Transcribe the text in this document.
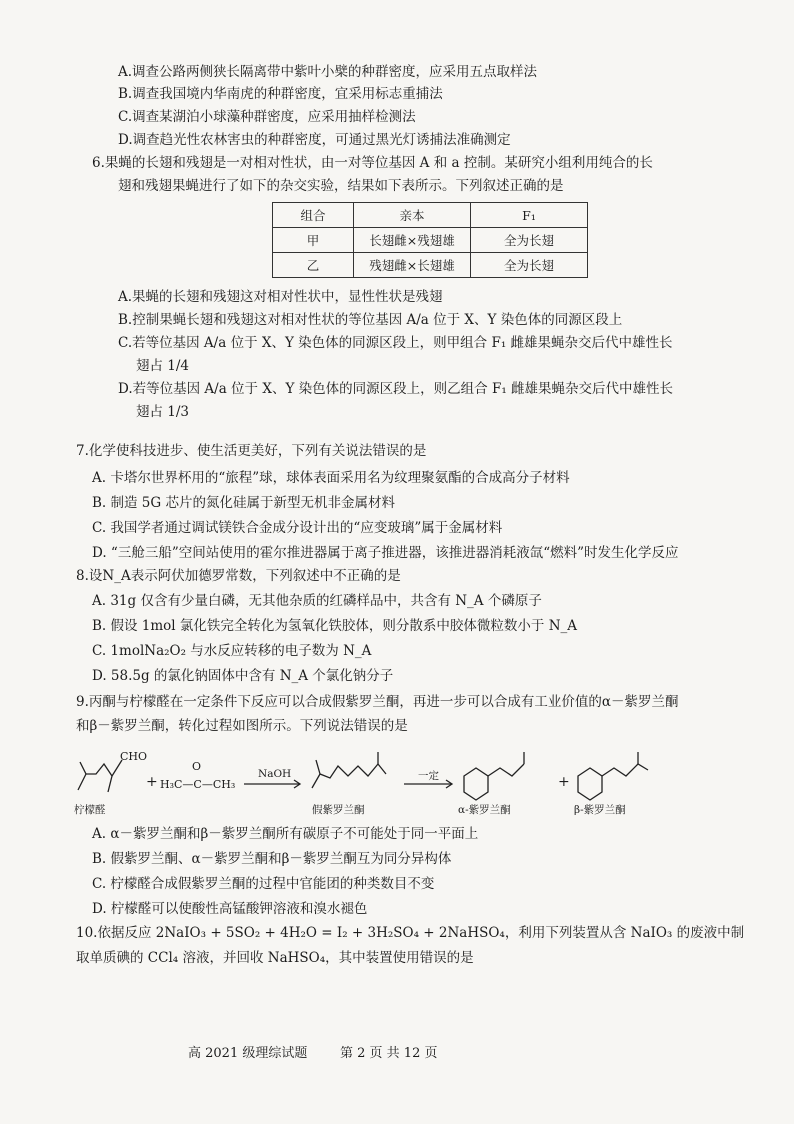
A.调查公路两侧狭长隔离带中紫叶小檗的种群密度，应采用五点取样法
B.调查我国境内华南虎的种群密度，宜采用标志重捕法
C.调查某湖泊小球藻种群密度，应采用抽样检测法
D.调查趋光性农林害虫的种群密度，可通过黑光灯诱捕法准确测定
6.果蝇的长翅和残翅是一对相对性状，由一对等位基因 A 和 a 控制。某研究小组利用纯合的长
翅和残翅果蝇进行了如下的杂交实验，结果如下表所示。下列叙述正确的是
组合	亲本	F₁
甲	长翅雌×残翅雄	全为长翅
乙	残翅雌×长翅雄	全为长翅
A.果蝇的长翅和残翅这对相对性状中，显性性状是残翅
B.控制果蝇长翅和残翅这对相对性状的等位基因 A/a 位于 X、Y 染色体的同源区段上
C.若等位基因 A/a 位于 X、Y 染色体的同源区段上，则甲组合 F₁ 雌雄果蝇杂交后代中雄性长
翅占 1/4
D.若等位基因 A/a 位于 X、Y 染色体的同源区段上，则乙组合 F₁ 雌雄果蝇杂交后代中雄性长
翅占 1/3
7.化学使科技进步、使生活更美好，下列有关说法错误的是
A. 卡塔尔世界杯用的“旅程”球，球体表面采用名为纹理聚氨酯的合成高分子材料
B. 制造 5G 芯片的氮化硅属于新型无机非金属材料
C. 我国学者通过调试镁铁合金成分设计出的“应变玻璃”属于金属材料
D. “三舱三船”空间站使用的霍尔推进器属于离子推进器，该推进器消耗液氙“燃料”时发生化学反应
8.设N_A表示阿伏加德罗常数，下列叙述中不正确的是
A. 31g 仅含有少量白磷，无其他杂质的红磷样品中，共含有 N_A 个磷原子
B. 假设 1mol 氯化铁完全转化为氢氧化铁胶体，则分散系中胶体微粒数小于 N_A
C. 1molNa₂O₂ 与水反应转移的电子数为 N_A
D. 58.5g 的氯化钠固体中含有 N_A 个氯化钠分子
9.丙酮与柠檬醛在一定条件下反应可以合成假紫罗兰酮，再进一步可以合成有工业价值的α－紫罗兰酮
和β－紫罗兰酮，转化过程如图所示。下列说法错误的是
CHO
+
O
H₃C—C—CH₃
NaOH	一定	+
柠檬醛	假紫罗兰酮	α-紫罗兰酮	β-紫罗兰酮
A. α－紫罗兰酮和β－紫罗兰酮所有碳原子不可能处于同一平面上
B. 假紫罗兰酮、α－紫罗兰酮和β－紫罗兰酮互为同分异构体
C. 柠檬醛合成假紫罗兰酮的过程中官能团的种类数目不变
D. 柠檬醛可以使酸性高锰酸钾溶液和溴水褪色
10.依据反应 2NaIO₃ + 5SO₂ + 4H₂O = I₂ + 3H₂SO₄ + 2NaHSO₄，利用下列装置从含 NaIO₃ 的废液中制
取单质碘的 CCl₄ 溶液，并回收 NaHSO₄，其中装置使用错误的是
高 2021 级理综试题	第 2 页 共 12 页
